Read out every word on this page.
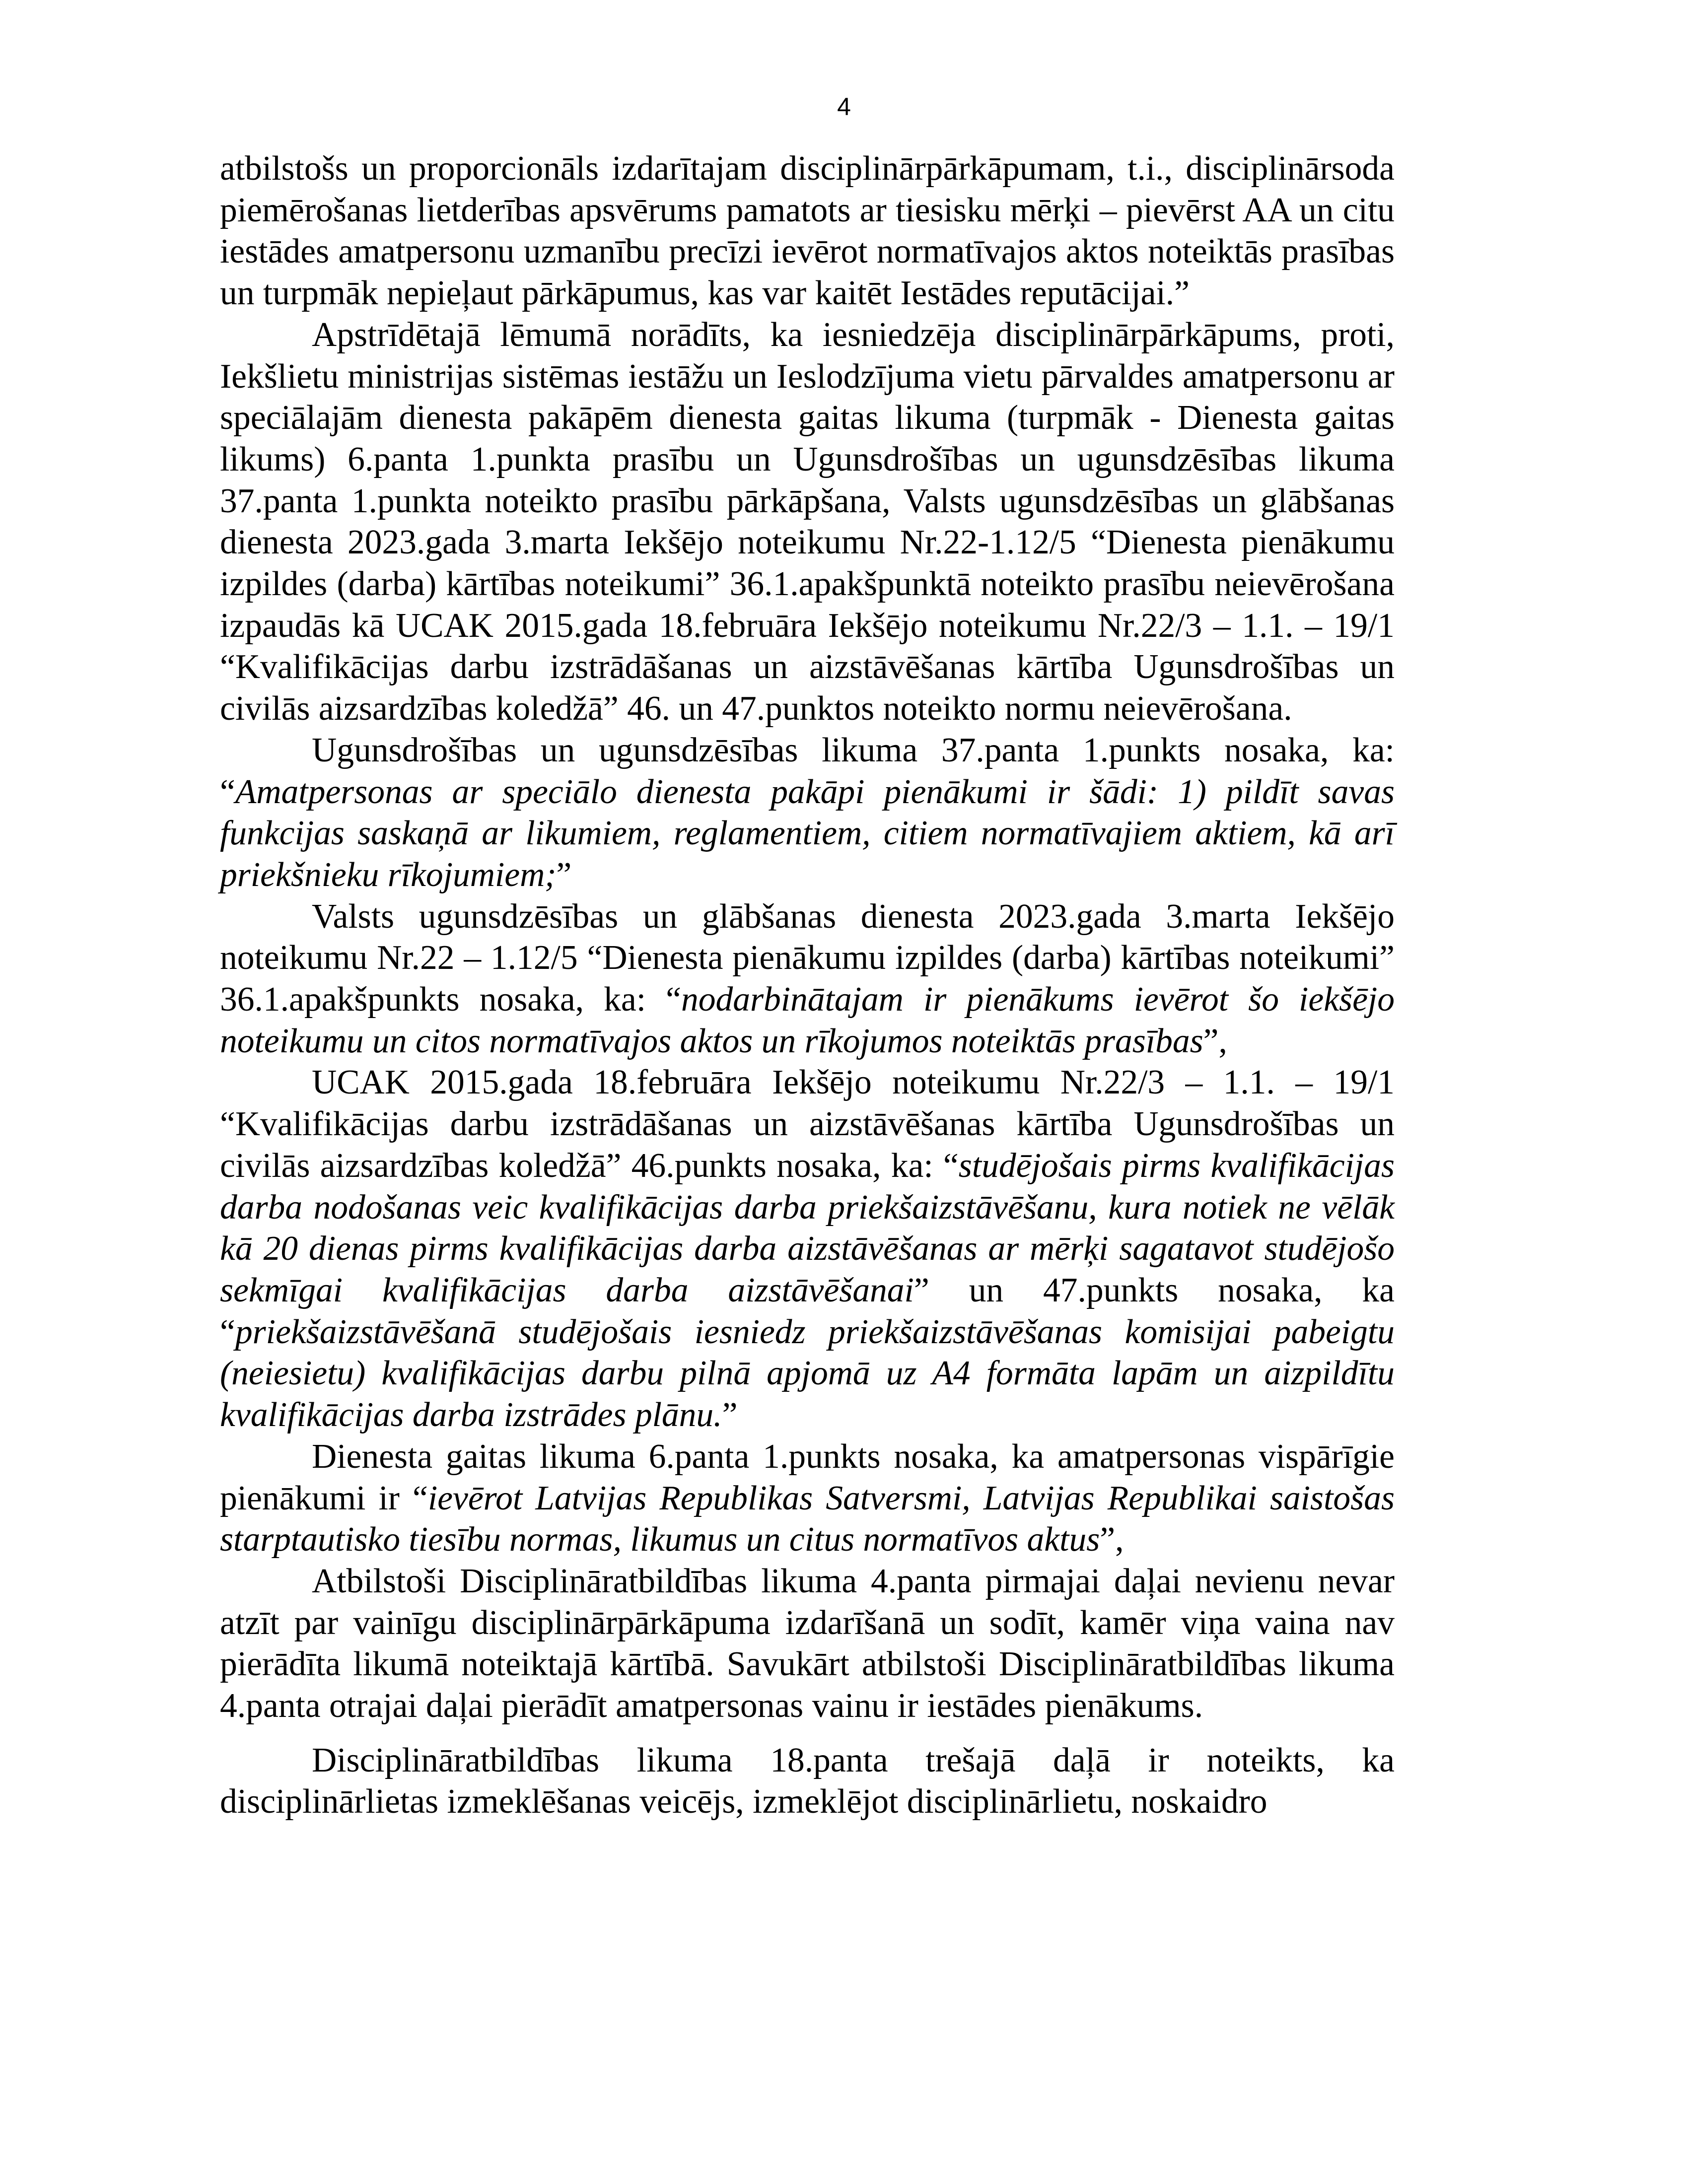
4

atbilstošs un proporcionāls izdarītajam disciplinārpārkāpumam, t.i., disciplinārsoda piemērošanas lietderības apsvērums pamatots ar tiesisku mērķi – pievērst AA un citu iestādes amatpersonu uzmanību precīzi ievērot normatīvajos aktos noteiktās prasības un turpmāk nepieļaut pārkāpumus, kas var kaitēt Iestādes reputācijai.”

Apstrīdētajā lēmumā norādīts, ka iesniedzēja disciplinārpārkāpums, proti, Iekšlietu ministrijas sistēmas iestāžu un Ieslodzījuma vietu pārvaldes amatpersonu ar speciālajām dienesta pakāpēm dienesta gaitas likuma (turpmāk - Dienesta gaitas likums) 6.panta 1.punkta prasību un Ugunsdrošības un ugunsdzēsības likuma 37.panta 1.punkta noteikto prasību pārkāpšana, Valsts ugunsdzēsības un glābšanas dienesta 2023.gada 3.marta Iekšējo noteikumu Nr.22-1.12/5 “Dienesta pienākumu izpildes (darba) kārtības noteikumi” 36.1.apakšpunktā noteikto prasību neievērošana izpaudās kā UCAK 2015.gada 18.februāra Iekšējo noteikumu Nr.22/3 – 1.1. – 19/1 “Kvalifikācijas darbu izstrādāšanas un aizstāvēšanas kārtība Ugunsdrošības un civilās aizsardzības koledžā” 46. un 47.punktos noteikto normu neievērošana.

Ugunsdrošības un ugunsdzēsības likuma 37.panta 1.punkts nosaka, ka: “Amatpersonas ar speciālo dienesta pakāpi pienākumi ir šādi: 1) pildīt savas funkcijas saskaņā ar likumiem, reglamentiem, citiem normatīvajiem aktiem, kā arī priekšnieku rīkojumiem;”

Valsts ugunsdzēsības un glābšanas dienesta 2023.gada 3.marta Iekšējo noteikumu Nr.22 – 1.12/5 “Dienesta pienākumu izpildes (darba) kārtības noteikumi” 36.1.apakšpunkts nosaka, ka: “nodarbinātajam ir pienākums ievērot šo iekšējo noteikumu un citos normatīvajos aktos un rīkojumos noteiktās prasības”,

UCAK 2015.gada 18.februāra Iekšējo noteikumu Nr.22/3 – 1.1. – 19/1 “Kvalifikācijas darbu izstrādāšanas un aizstāvēšanas kārtība Ugunsdrošības un civilās aizsardzības koledžā” 46.punkts nosaka, ka: “studējošais pirms kvalifikācijas darba nodošanas veic kvalifikācijas darba priekšaizstāvēšanu, kura notiek ne vēlāk kā 20 dienas pirms kvalifikācijas darba aizstāvēšanas ar mērķi sagatavot studējošo sekmīgai kvalifikācijas darba aizstāvēšanai” un 47.punkts nosaka, ka “priekšaizstāvēšanā studējošais iesniedz priekšaizstāvēšanas komisijai pabeigtu (neiesietu) kvalifikācijas darbu pilnā apjomā uz A4 formāta lapām un aizpildītu kvalifikācijas darba izstrādes plānu.”

Dienesta gaitas likuma 6.panta 1.punkts nosaka, ka amatpersonas vispārīgie pienākumi ir “ievērot Latvijas Republikas Satversmi, Latvijas Republikai saistošas starptautisko tiesību normas, likumus un citus normatīvos aktus”,

Atbilstoši Disciplināratbildības likuma 4.panta pirmajai daļai nevienu nevar atzīt par vainīgu disciplinārpārkāpuma izdarīšanā un sodīt, kamēr viņa vaina nav pierādīta likumā noteiktajā kārtībā. Savukārt atbilstoši Disciplināratbildības likuma 4.panta otrajai daļai pierādīt amatpersonas vainu ir iestādes pienākums.

Disciplināratbildības likuma 18.panta trešajā daļā ir noteikts, ka disciplinārlietas izmeklēšanas veicējs, izmeklējot disciplinārlietu, noskaidro
